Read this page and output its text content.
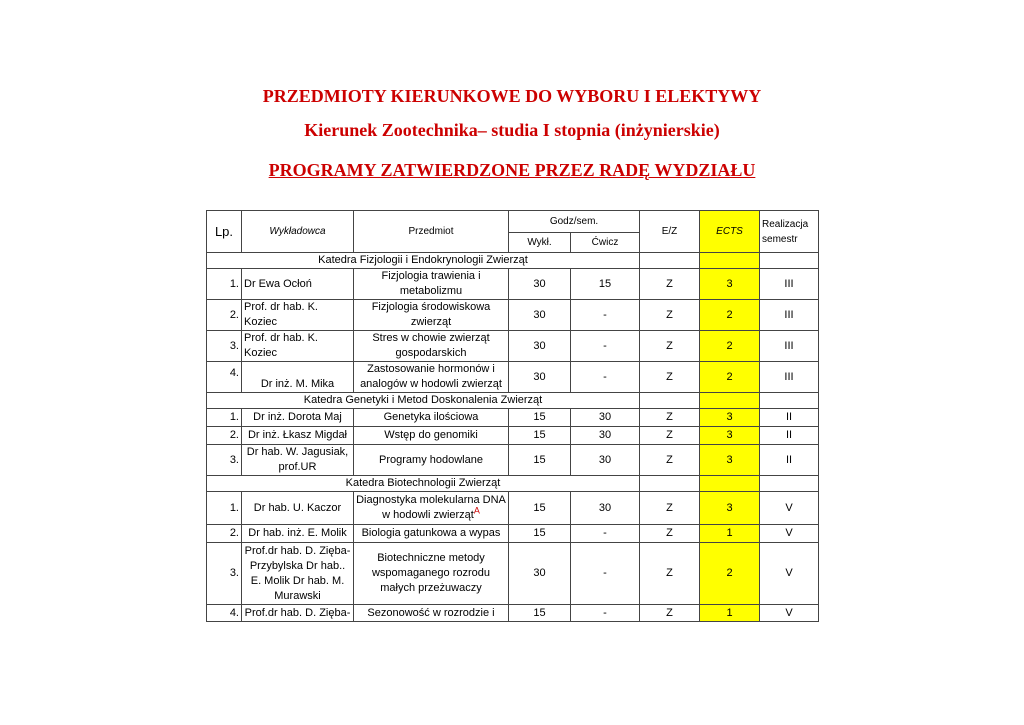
PRZEDMIOTY KIERUNKOWE DO WYBORU I ELEKTYWY
Kierunek Zootechnika– studia I stopnia (inżynierskie)
PROGRAMY ZATWIERDZONE PRZEZ RADĘ WYDZIAŁU
Lp.	Wykładowca	Przedmiot	Godz/sem.		E/Z	ECTS	Realizacja semestr
			Wykł.	Ćwicz			
Katedra Fizjologii i Endokrynologii Zwierząt							
1.	Dr Ewa Ocłoń	Fizjologia trawienia i metabolizmu	30	15	Z	3	III
2.	Prof. dr hab. K. Koziec	Fizjologia środowiskowa zwierząt	30	-	Z	2	III
3.	Prof. dr hab. K. Koziec	Stres w chowie zwierząt gospodarskich	30	-	Z	2	III
4.	Dr inż. M. Mika	Zastosowanie hormonów i analogów w hodowli zwierząt	30	-	Z	2	III
Katedra Genetyki i Metod Doskonalenia Zwierząt							
1.	Dr inż. Dorota Maj	Genetyka ilościowa	15	30	Z	3	II
2.	Dr inż. Łkasz Migdał	Wstęp do genomiki	15	30	Z	3	II
3.	Dr hab. W. Jagusiak, prof.UR	Programy hodowlane	15	30	Z	3	II
Katedra Biotechnologii Zwierząt							
1.	Dr hab. U. Kaczor	Diagnostyka molekularna DNA w hodowli zwierząt$^A$	15	30	Z	3	V
2.	Dr hab. inż. E. Molik	Biologia gatunkowa a wypas	15	-	Z	1	V
3.	Prof.dr hab. D. Zięba-Przybylska Dr hab.. E. Molik Dr hab. M. Murawski	Biotechniczne metody wspomaganego rozrodu małych przeżuwaczy	30	-	Z	2	V
4.	Prof.dr hab. D. Zięba-	Sezonowość w rozrodzie i	15	-	Z	1	V
